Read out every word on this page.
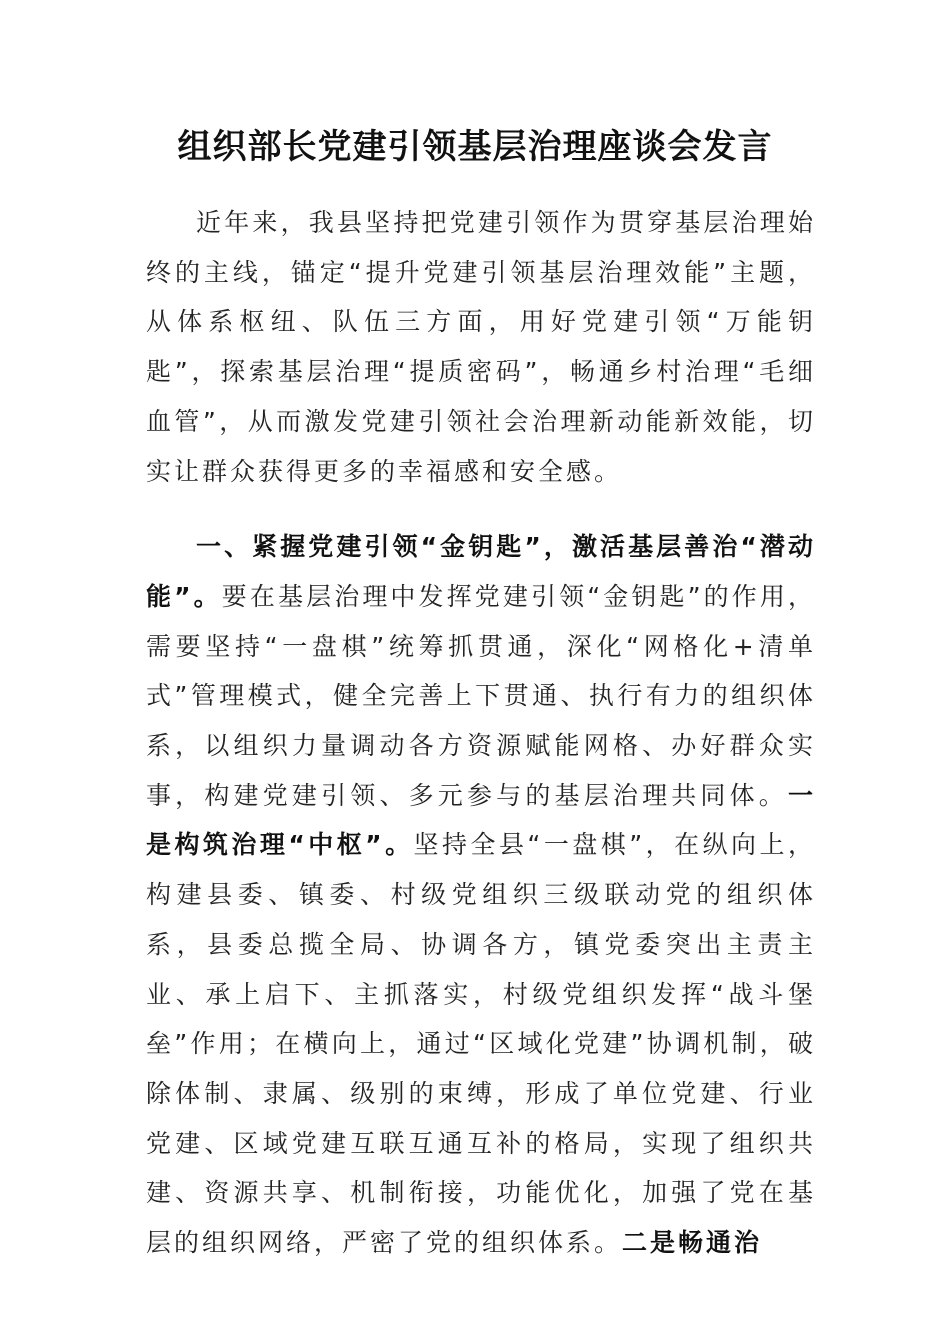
组织部长党建引领基层治理座谈会发言

近年来，我县坚持把党建引领作为贯穿基层治理始终的主线，锚定“提升党建引领基层治理效能”主题，从体系枢纽、队伍三方面，用好党建引领“万能钥匙”，探索基层治理“提质密码”，畅通乡村治理“毛细血管”，从而激发党建引领社会治理新动能新效能，切实让群众获得更多的幸福感和安全感。

一、紧握党建引领“金钥匙”，激活基层善治“潜动能”。要在基层治理中发挥党建引领“金钥匙”的作用，需要坚持“一盘棋”统筹抓贯通，深化“网格化+清单式”管理模式，健全完善上下贯通、执行有力的组织体系，以组织力量调动各方资源赋能网格、办好群众实事，构建党建引领、多元参与的基层治理共同体。一是构筑治理“中枢”。坚持全县“一盘棋”，在纵向上，构建县委、镇委、村级党组织三级联动党的组织体系，县委总揽全局、协调各方，镇党委突出主责主业、承上启下、主抓落实，村级党组织发挥“战斗堡垒”作用；在横向上，通过“区域化党建”协调机制，破除体制、隶属、级别的束缚，形成了单位党建、行业党建、区域党建互联互通互补的格局，实现了组织共建、资源共享、机制衔接，功能优化，加强了党在基层的组织网络，严密了党的组织体系。二是畅通治
